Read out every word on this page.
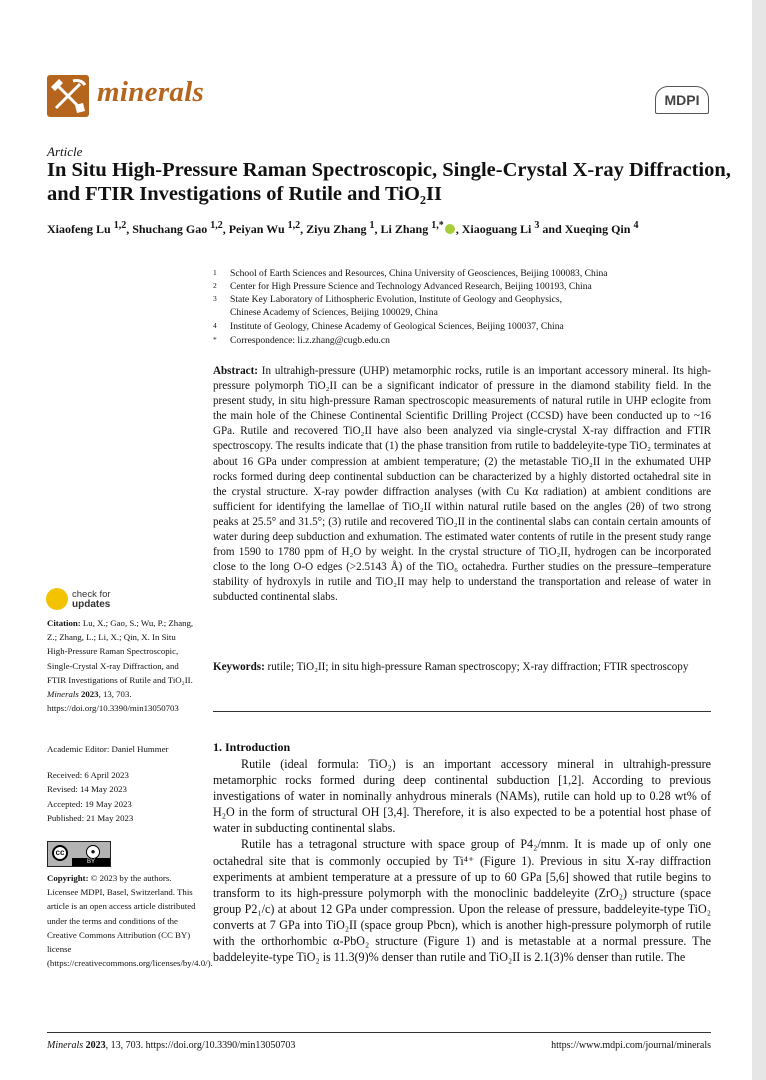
minerals	MDPI
Article
In Situ High-Pressure Raman Spectroscopic, Single-Crystal X-ray Diffraction, and FTIR Investigations of Rutile and TiO₂II
Xiaofeng Lu $^{1,2}$, Shuchang Gao $^{1,2}$, Peiyan Wu $^{1,2}$, Ziyu Zhang $^1$, Li Zhang $^{1,*}$ , Xiaoguang Li $^3$ and Xueqing Qin $^4$
1 School of Earth Sciences and Resources, China University of Geosciences, Beijing 100083, China
2 Center for High Pressure Science and Technology Advanced Research, Beijing 100193, China
3 State Key Laboratory of Lithospheric Evolution, Institute of Geology and Geophysics,
Chinese Academy of Sciences, Beijing 100029, China
4 Institute of Geology, Chinese Academy of Geological Sciences, Beijing 100037, China
* Correspondence: li.z.zhang@cugb.edu.cn
Abstract: In ultrahigh-pressure (UHP) metamorphic rocks, rutile is an important accessory mineral. Its high-pressure polymorph TiO₂II can be a significant indicator of pressure in the diamond stability field. In the present study, in situ high-pressure Raman spectroscopic measurements of natural rutile in UHP eclogite from the main hole of the Chinese Continental Scientific Drilling Project (CCSD) have been conducted up to ~16 GPa. Rutile and recovered TiO₂II have also been analyzed via single-crystal X-ray diffraction and FTIR spectroscopy. The results indicate that (1) the phase transition from rutile to baddeleyite-type TiO₂ terminates at about 16 GPa under compression at ambient temperature; (2) the metastable TiO₂II in the exhumated UHP rocks formed during deep continental subduction can be characterized by a highly distorted octahedral site in the crystal structure. X-ray powder diffraction analyses (with Cu Kα radiation) at ambient conditions are sufficient for identifying the lamellae of TiO₂II within natural rutile based on the angles (2θ) of two strong peaks at 25.5° and 31.5°; (3) rutile and recovered TiO₂II in the continental slabs can contain certain amounts of water during deep subduction and exhumation. The estimated water contents of rutile in the present study range from 1590 to 1780 ppm of H₂O by weight. In the crystal structure of TiO₂II, hydrogen can be incorporated close to the long O-O edges (>2.5143 Å) of the TiO₆ octahedra. Further studies on the pressure–temperature stability of hydroxyls in rutile and TiO₂II may help to understand the transportation and release of water in subducted continental slabs.
Keywords: rutile; TiO₂II; in situ high-pressure Raman spectroscopy; X-ray diffraction; FTIR spectroscopy
check for
updates
Citation: Lu, X.; Gao, S.; Wu, P.; Zhang, Z.; Zhang, L.; Li, X.; Qin, X. In Situ High-Pressure Raman Spectroscopic, Single-Crystal X-ray Diffraction, and FTIR Investigations of Rutile and TiO₂II. Minerals 2023, 13, 703. https://doi.org/10.3390/min13050703
Academic Editor: Daniel Hummer
Received: 6 April 2023
Revised: 14 May 2023
Accepted: 19 May 2023
Published: 21 May 2023
cc	●
BY
Copyright: © 2023 by the authors. Licensee MDPI, Basel, Switzerland. This article is an open access article distributed under the terms and conditions of the Creative Commons Attribution (CC BY) license (https://creativecommons.org/licenses/by/4.0/).
1. Introduction

Rutile (ideal formula: TiO₂) is an important accessory mineral in ultrahigh-pressure metamorphic rocks formed during deep continental subduction [1,2]. According to previous investigations of water in nominally anhydrous minerals (NAMs), rutile can hold up to 0.28 wt% of H₂O in the form of structural OH [3,4]. Therefore, it is also expected to be a potential host phase of water in subducting continental slabs.

Rutile has a tetragonal structure with space group of P4₂/mnm. It is made up of only one octahedral site that is commonly occupied by Ti⁴⁺ (Figure 1). Previous in situ X-ray diffraction experiments at ambient temperature at a pressure of up to 60 GPa [5,6] showed that rutile begins to transform to its high-pressure polymorph with the monoclinic baddeleyite (ZrO₂) structure (space group P2₁/c) at about 12 GPa under compression. Upon the release of pressure, baddeleyite-type TiO₂ converts at 7 GPa into TiO₂II (space group Pbcn), which is another high-pressure polymorph of rutile with the orthorhombic α-PbO₂ structure (Figure 1) and is metastable at a normal pressure. The baddeleyite-type TiO₂ is 11.3(9)% denser than rutile and TiO₂II is 2.1(3)% denser than rutile. The

Minerals 2023, 13, 703. https://doi.org/10.3390/min13050703	https://www.mdpi.com/journal/minerals
